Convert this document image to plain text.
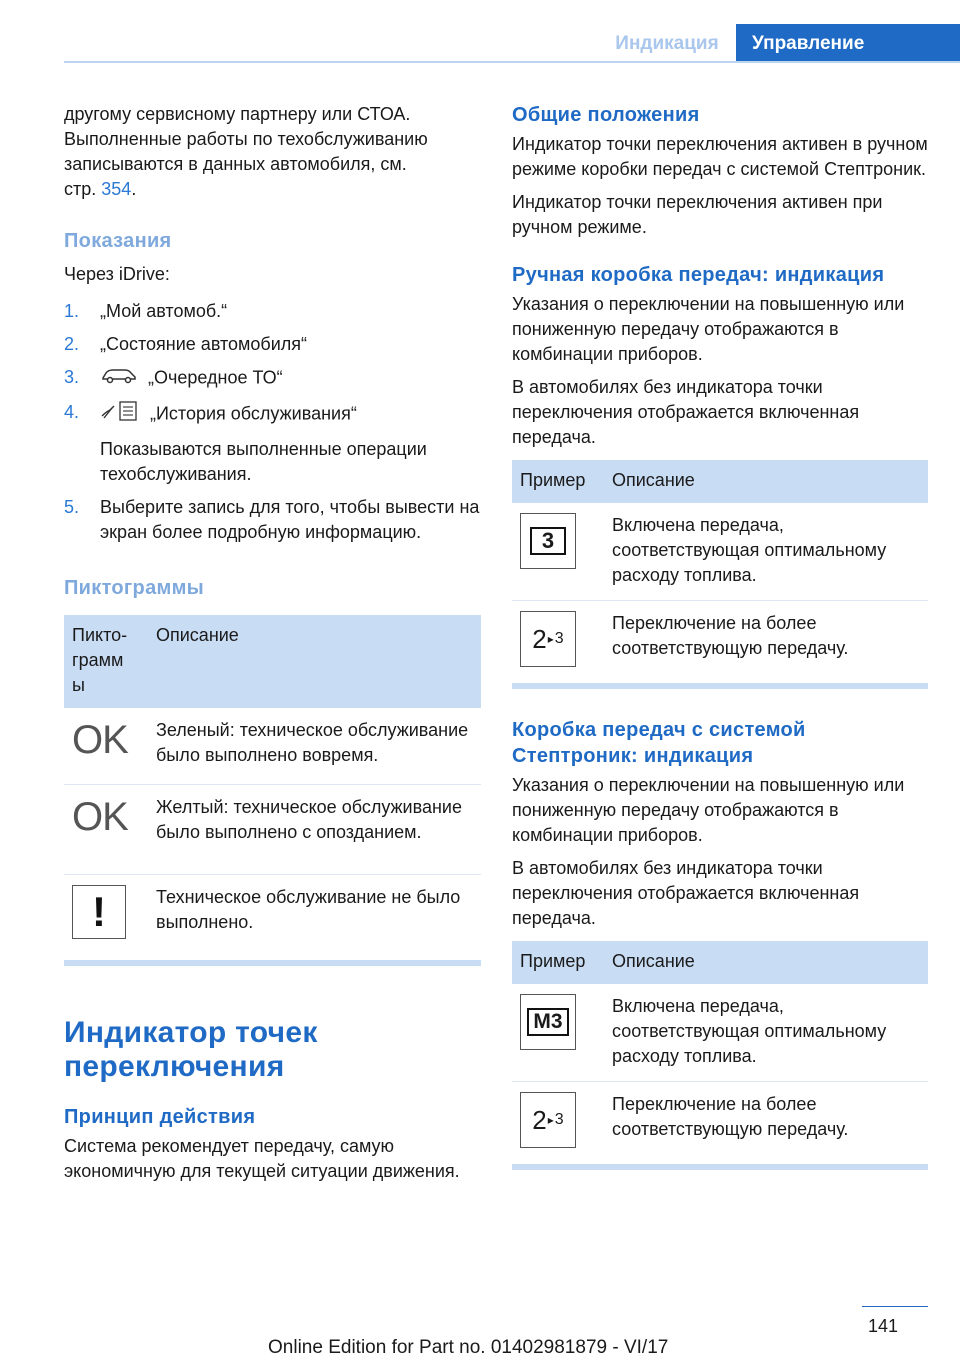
Индикация	Управление

другому сервисному партнеру или СТОА.
Выполненные работы по техобслуживанию
записываются в данных автомобиля, см.
стр. 354.

Показания

Через iDrive:

1.	„Мой автомоб.“
2.	„Состояние автомобиля“
3.	„Очередное ТО“
4.	„История обслуживания“
Показываются выполненные операции техобслуживания.
5.	Выберите запись для того, чтобы вывести на экран более подробную информацию.
Пиктограммы
Пикто-грамм ы	Описание
OK	Зеленый: техническое обслуживание было выполнено вовремя.
OK	Желтый: техническое обслуживание было выполнено с опозданием.

!	Техническое обслуживание не было выполнено.
Индикатор точек переключения
Принцип действия

Система рекомендует передачу, самую экономичную для текущей ситуации движения.

Общие положения

Индикатор точки переключения активен в ручном режиме коробки передач с системой Стептроник.

Индикатор точки переключения активен при ручном режиме.

Ручная коробка передач: индикация

Указания о переключении на повышенную или пониженную передачу отображаются в комбинации приборов.

В автомобилях без индикатора точки переключения отображается включенная передача.

Пример	Описание

3	Включена передача, соответствующая оптимальному расходу топлива.

2 ▸ 3	Переключение на более соответствующую передачу.
Коробка передач с системой Стептроник: индикация

Указания о переключении на повышенную или пониженную передачу отображаются в комбинации приборов.

В автомобилях без индикатора точки переключения отображается включенная передача.

Пример	Описание

M3	Включена передача, соответствующая оптимальному расходу топлива.

2 ▸ 3	Переключение на более соответствующую передачу.
141
Online Edition for Part no. 01402981879 - VI/17
